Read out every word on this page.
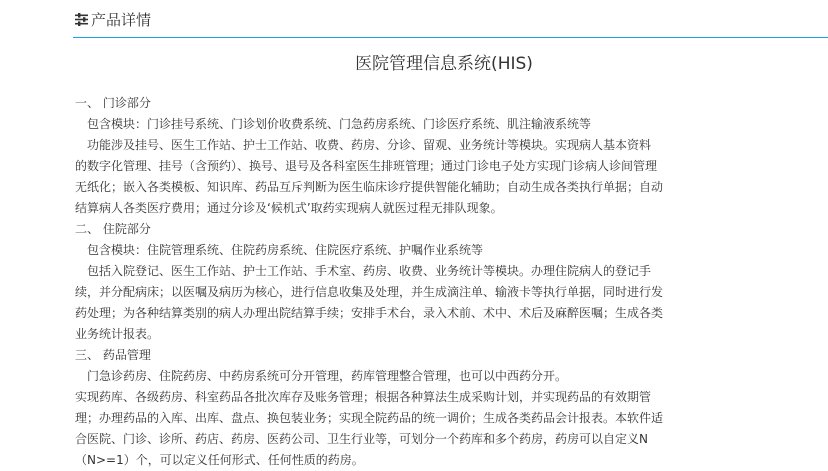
产品详情
医院管理信息系统(HIS)
一、 门诊部分
包含模块：门诊挂号系统、门诊划价收费系统、门急药房系统、门诊医疗系统、肌注输液系统等
功能涉及挂号、医生工作站、护士工作站、收费、药房、分诊、留观、业务统计等模块。实现病人基本资料
的数字化管理、挂号（含预约）、换号、退号及各科室医生排班管理；通过门诊电子处方实现门诊病人诊间管理
无纸化；嵌入各类模板、知识库、药品互斥判断为医生临床诊疗提供智能化辅助；自动生成各类执行单据；自动
结算病人各类医疗费用；通过分诊及‘候机式’取药实现病人就医过程无排队现象。
二、 住院部分
包含模块：住院管理系统、住院药房系统、住院医疗系统、护嘱作业系统等
包括入院登记、医生工作站、护士工作站、手术室、药房、收费、业务统计等模块。办理住院病人的登记手
续，并分配病床；以医嘱及病历为核心，进行信息收集及处理，并生成滴注单、输液卡等执行单据，同时进行发
药处理；为各种结算类别的病人办理出院结算手续；安排手术台，录入术前、术中、术后及麻醉医嘱；生成各类
业务统计报表。
三、 药品管理
门急诊药房、住院药房、中药房系统可分开管理，药库管理整合管理，也可以中西药分开。
实现药库、各级药房、科室药品各批次库存及账务管理；根据各种算法生成采购计划，并实现药品的有效期管
理；办理药品的入库、出库、盘点、换包装业务；实现全院药品的统一调价；生成各类药品会计报表。本软件适
合医院、门诊、诊所、药店、药房、医药公司、卫生行业等，可划分一个药库和多个药房，药房可以自定义N
（N>=1）个，可以定义任何形式、任何性质的药房。
